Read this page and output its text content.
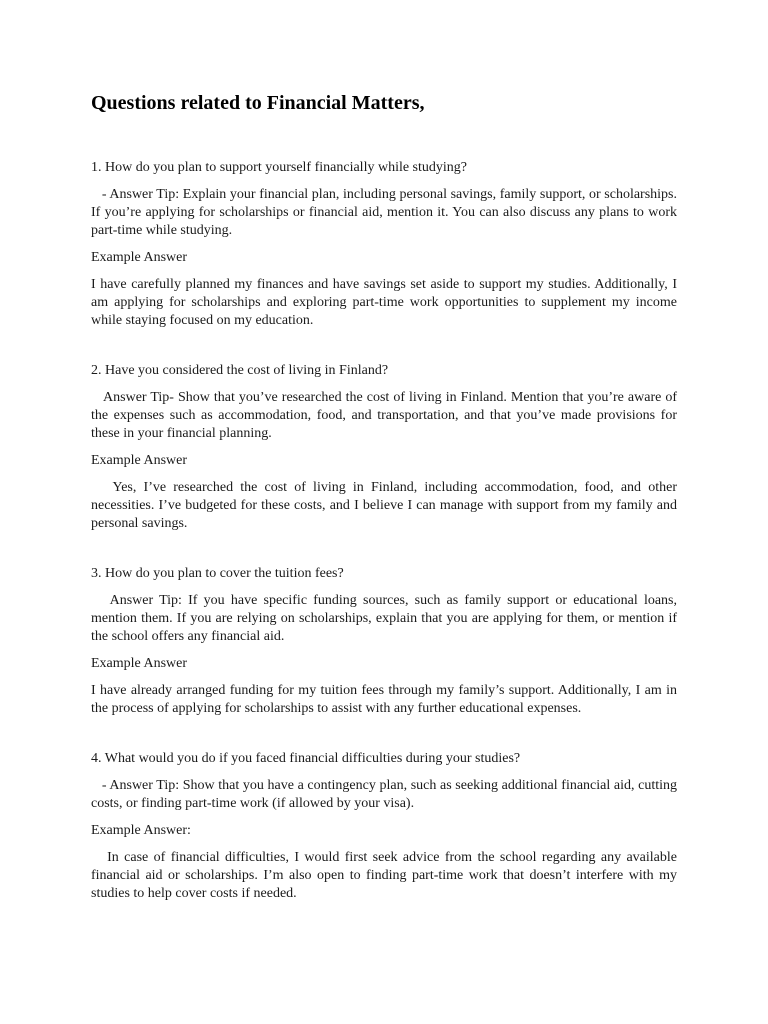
Questions related to Financial Matters,

1. How do you plan to support yourself financially while studying?

- Answer Tip: Explain your financial plan, including personal savings, family support, or scholarships. If you’re applying for scholarships or financial aid, mention it. You can also discuss any plans to work part-time while studying.

Example Answer

I have carefully planned my finances and have savings set aside to support my studies. Additionally, I am applying for scholarships and exploring part-time work opportunities to supplement my income while staying focused on my education.

2. Have you considered the cost of living in Finland?

Answer Tip- Show that you’ve researched the cost of living in Finland. Mention that you’re aware of the expenses such as accommodation, food, and transportation, and that you’ve made provisions for these in your financial planning.

Example Answer

Yes, I’ve researched the cost of living in Finland, including accommodation, food, and other necessities. I’ve budgeted for these costs, and I believe I can manage with support from my family and personal savings.

3. How do you plan to cover the tuition fees?

Answer Tip: If you have specific funding sources, such as family support or educational loans, mention them. If you are relying on scholarships, explain that you are applying for them, or mention if the school offers any financial aid.

Example Answer

I have already arranged funding for my tuition fees through my family’s support. Additionally, I am in the process of applying for scholarships to assist with any further educational expenses.

4. What would you do if you faced financial difficulties during your studies?

- Answer Tip: Show that you have a contingency plan, such as seeking additional financial aid, cutting costs, or finding part-time work (if allowed by your visa).

Example Answer:

In case of financial difficulties, I would first seek advice from the school regarding any available financial aid or scholarships. I’m also open to finding part-time work that doesn’t interfere with my studies to help cover costs if needed.
